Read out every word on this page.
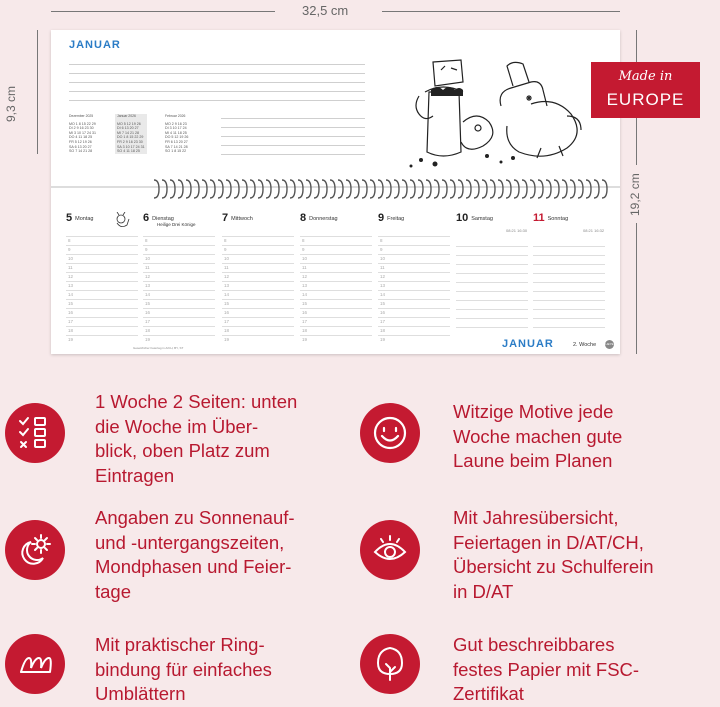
32,5 cm
9,3 cm
19,2 cm
JANUAR
Dezember 2025
MO 1 8 15 22 29
DI 2 9 16 23 30
MI 3 10 17 24 31
DO 4 11 18 25
FR 5 12 19 26
SA 6 13 20 27
SO 7 14 21 28
Januar 2026
MO 5 12 19 26
DI 6 13 20 27
MI 7 14 21 28
DO 1 8 15 22 29
FR 2 9 16 23 30
SA 3 10 17 24 31
SO 4 11 18 25
Februar 2026
MO 2 9 16 23
DI 3 10 17 24
MI 4 11 18 25
DO 5 12 19 26
FR 6 13 20 27
SA 7 14 21 28
SO 1 8 15 22
5 Montag
8
9
10
11
12
13
14
15
16
17
18
19
6 Dienstag
Heilige Drei Könige
8
9
10
11
12
13
14
15
16
17
18
19
7 Mittwoch
8
9
10
11
12
13
14
15
16
17
18
19
8 Donnerstag
8
9
10
11
12
13
14
15
16
17
18
19
9 Freitag
8
9
10
11
12
13
14
15
16
17
18
19
10 Samstag
08:21 16:30
11 Sonntag
08:21 16:32
JANUAR	2. Woche	HEYE
Gesetzlicher Feiertag in A/CH, BY, ST
Made in
EUROPE
1 Woche 2 Seiten: unten
die Woche im Über-
blick, oben Platz zum
Eintragen
Witzige Motive jede
Woche machen gute
Laune beim Planen
Angaben zu Sonnenauf-
und -untergangszeiten,
Mondphasen und Feier-
tage
Mit Jahresübersicht,
Feiertagen in D/AT/CH,
Übersicht zu Schulferein
in D/AT
Mit praktischer Ring-
bindung für einfaches
Umblättern
Gut beschreibbares
festes Papier mit FSC-
Zertifikat
